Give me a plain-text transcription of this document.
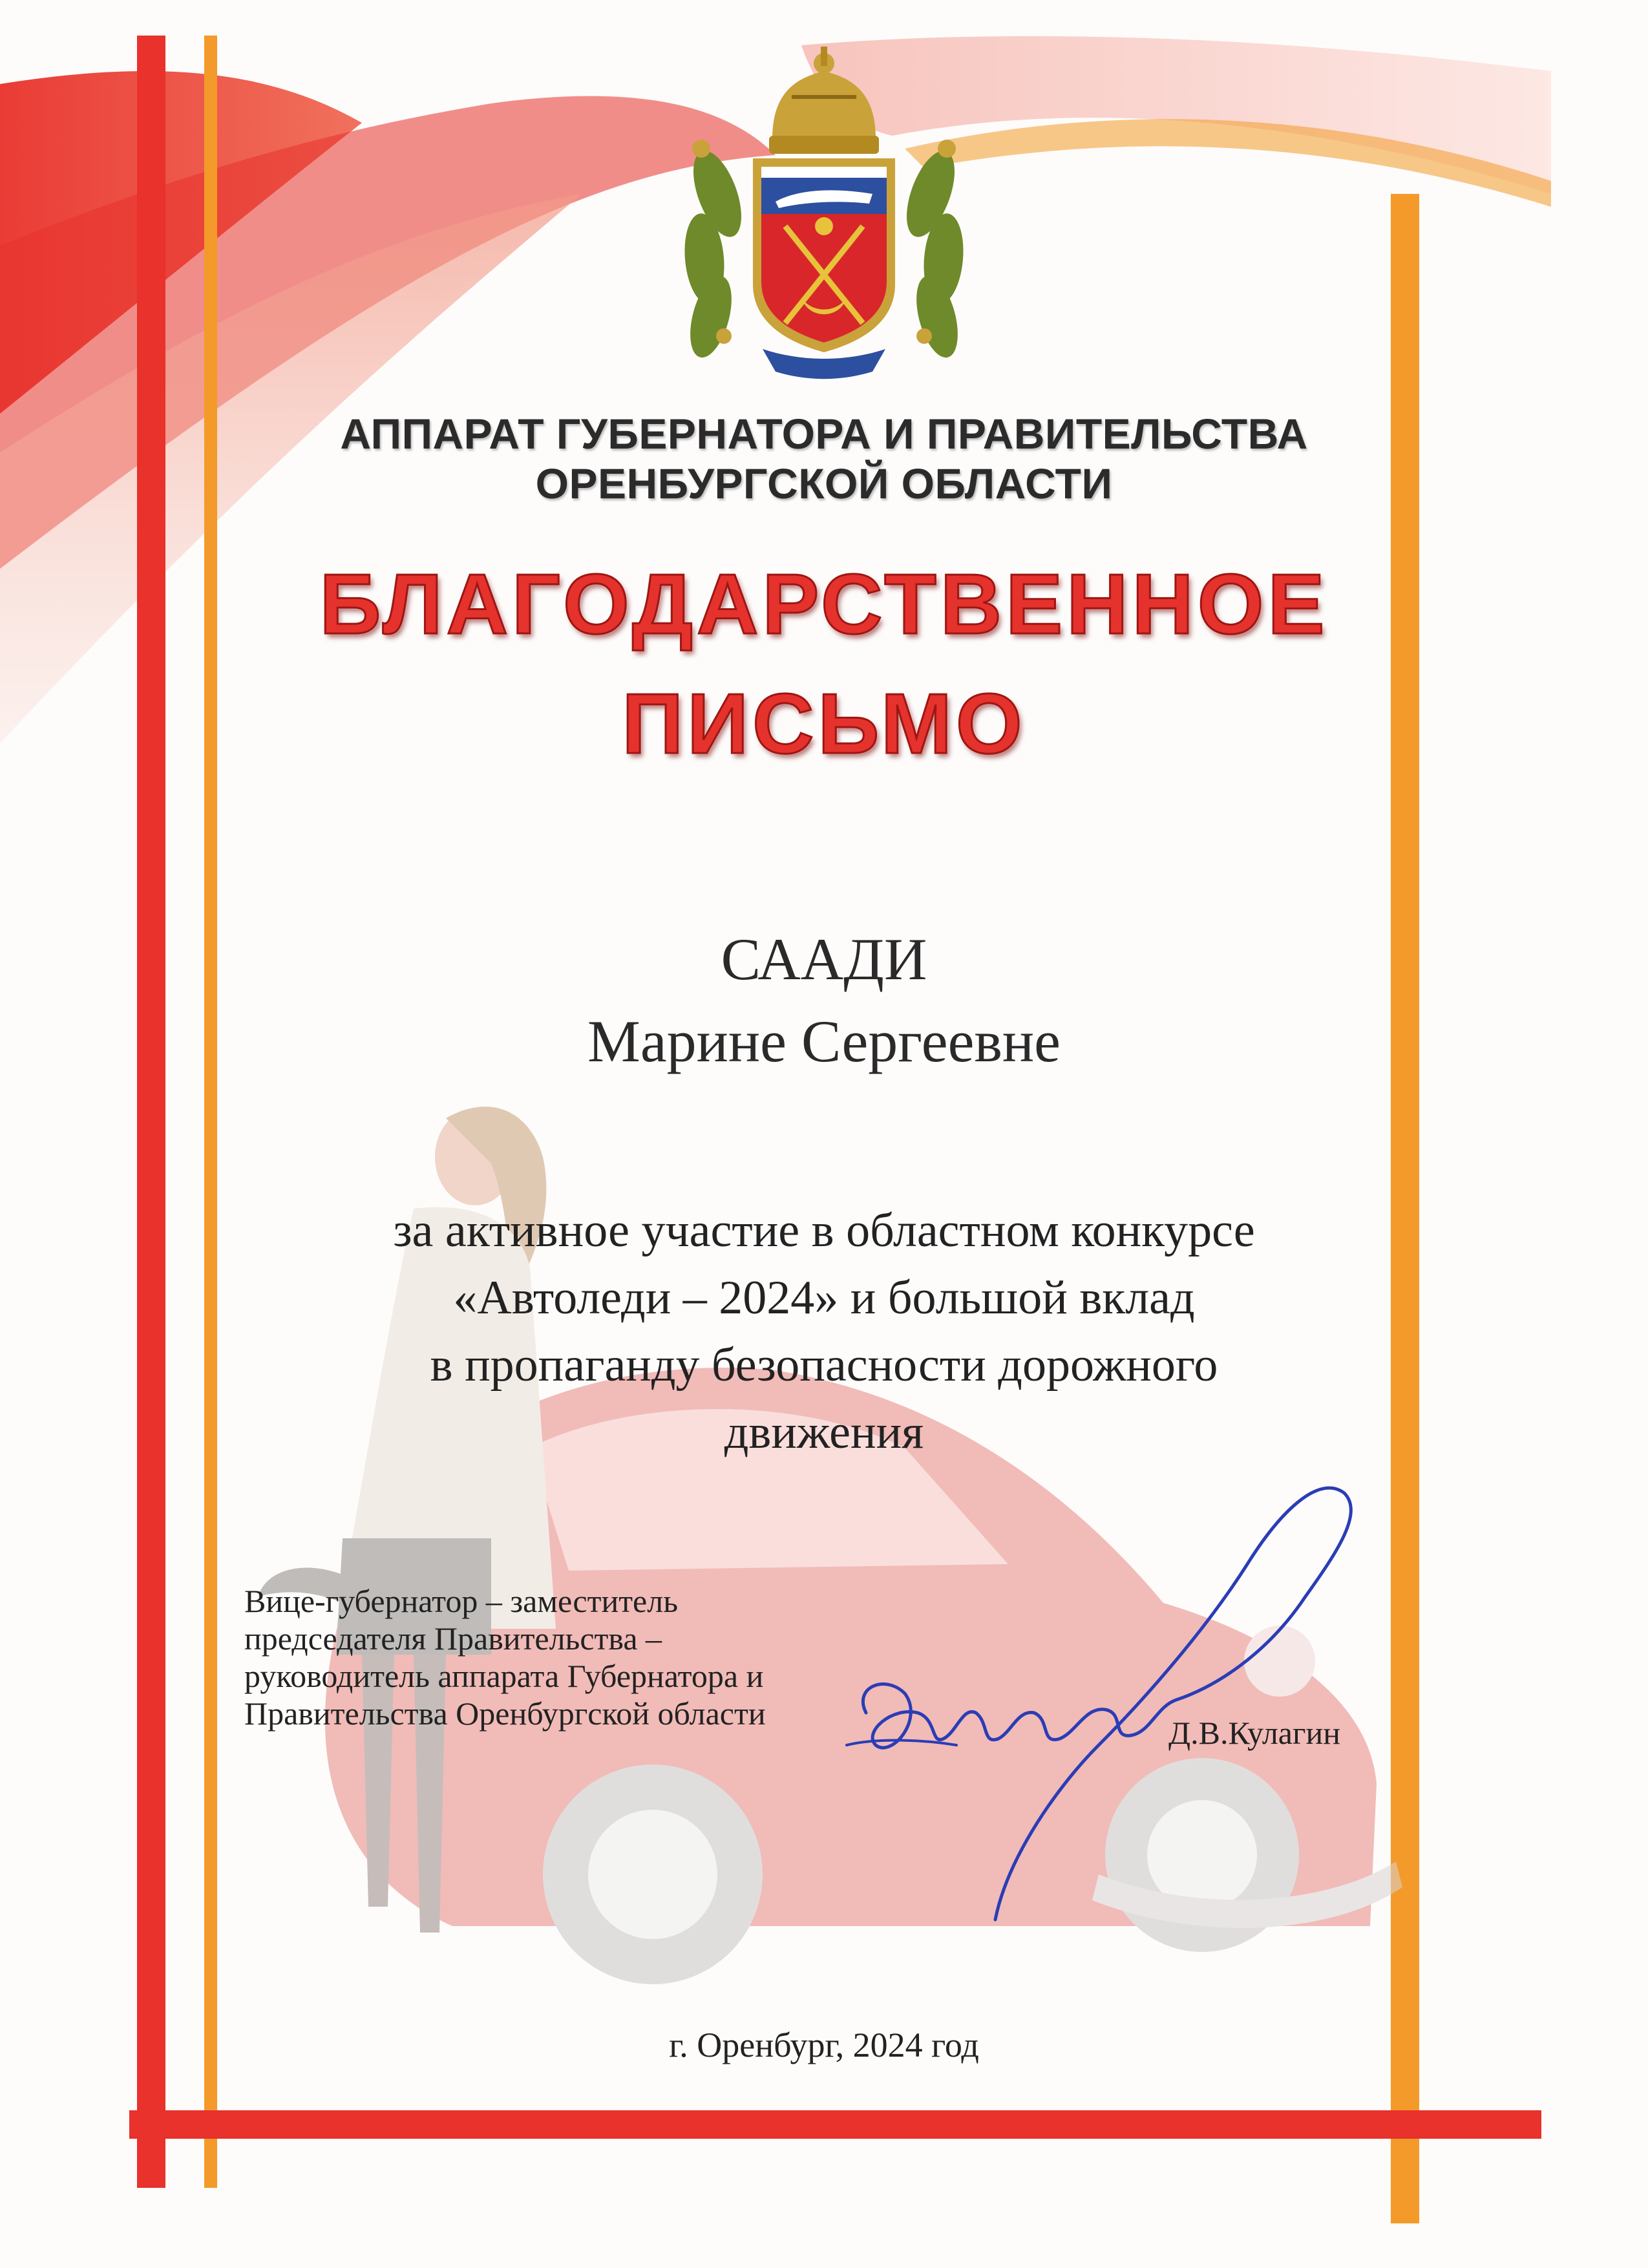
АППАРАТ ГУБЕРНАТОРА И ПРАВИТЕЛЬСТВА
ОРЕНБУРГСКОЙ ОБЛАСТИ
БЛАГОДАРСТВЕННОЕ
ПИСЬМО
СААДИ
Марине Сергеевне
за активное участие в областном конкурсе
«Автоледи – 2024» и большой вклад
в пропаганду безопасности дорожного
движения
Вице-губернатор – заместитель
председателя Правительства –
руководитель аппарата Губернатора и
Правительства Оренбургской области
Д.В.Кулагин
г. Оренбург, 2024 год
